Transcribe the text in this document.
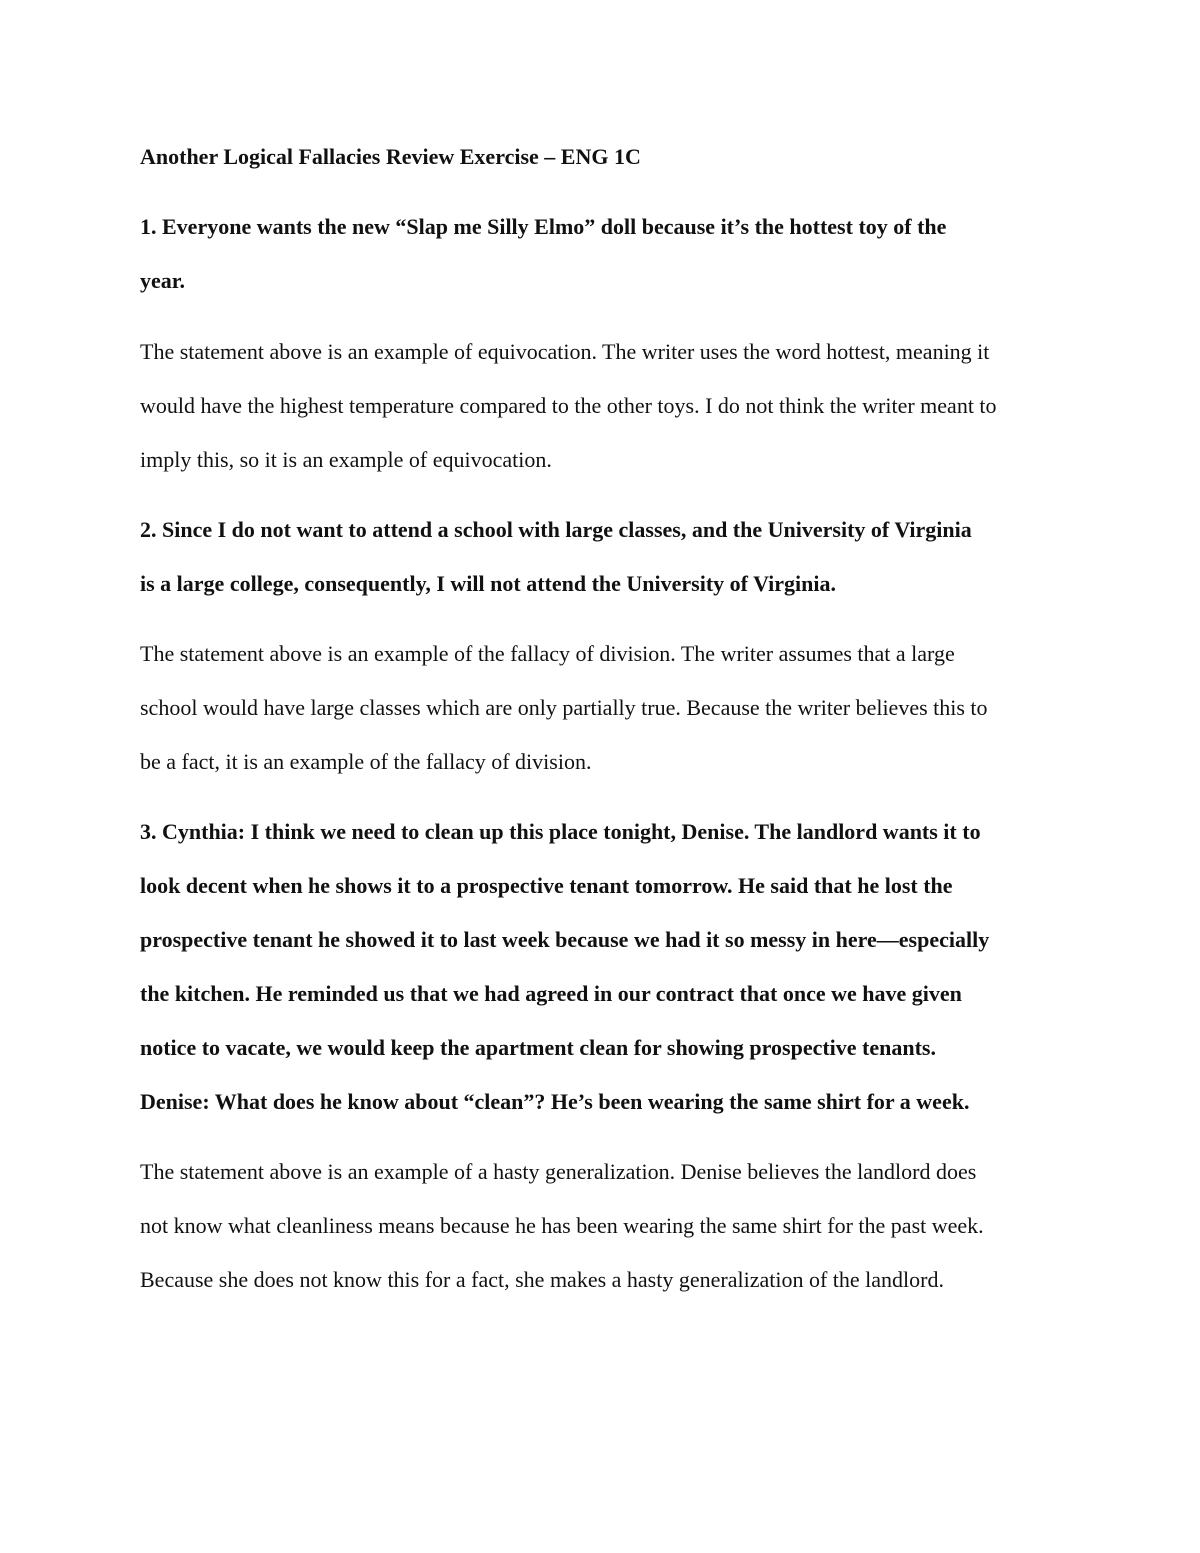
Another Logical Fallacies Review Exercise – ENG 1C
1. Everyone wants the new “Slap me Silly Elmo” doll because it’s the hottest toy of the
year.
The statement above is an example of equivocation. The writer uses the word hottest, meaning it
would have the highest temperature compared to the other toys. I do not think the writer meant to
imply this, so it is an example of equivocation.
2. Since I do not want to attend a school with large classes, and the University of Virginia
is a large college, consequently, I will not attend the University of Virginia.
The statement above is an example of the fallacy of division. The writer assumes that a large
school would have large classes which are only partially true. Because the writer believes this to
be a fact, it is an example of the fallacy of division.
3. Cynthia: I think we need to clean up this place tonight, Denise. The landlord wants it to
look decent when he shows it to a prospective tenant tomorrow. He said that he lost the
prospective tenant he showed it to last week because we had it so messy in here—especially
the kitchen. He reminded us that we had agreed in our contract that once we have given
notice to vacate, we would keep the apartment clean for showing prospective tenants.
Denise: What does he know about “clean”? He’s been wearing the same shirt for a week.
The statement above is an example of a hasty generalization. Denise believes the landlord does
not know what cleanliness means because he has been wearing the same shirt for the past week.
Because she does not know this for a fact, she makes a hasty generalization of the landlord.
